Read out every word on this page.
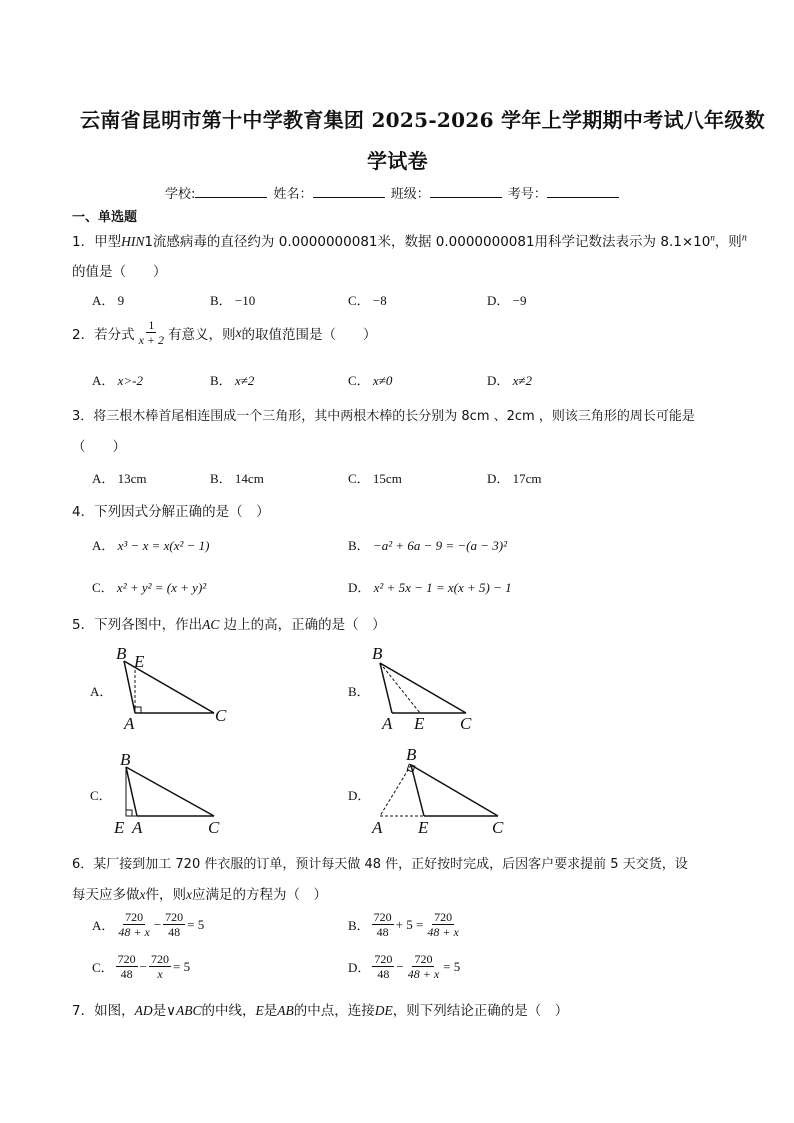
云南省昆明市第十中学教育集团 2025-2026 学年上学期期中考试八年级数
学试卷
学校:	姓名：	班级：	考号：
一、单选题
1．甲型HIN1流感病毒的直径约为 0.0000000081米，数据 0.0000000081用科学记数法表示为 $8.1\times 10^n$，则$^n$
的值是（　　）
A． 9	B． −10	C． −8	D． −9
2．若分式 $\frac{1}{x + 2}$ 有意义，则 x 的取值范围是（　　）
A． x>-2	B． x≠2	C． x≠0	D． x≠2
3．将三根木棒首尾相连围成一个三角形，其中两根木棒的长分别为 8cm 、2cm ，则该三角形的周长可能是
（　　）
A． 13cm	B． 14cm	C． 15cm	D． 17cm
4．下列因式分解正确的是（　）
A． x³ − x = x(x² − 1)	B． −a² + 6a − 9 = −(a − 3)²
C． x² + y² = (x + y)²	D． x² + 5x − 1 = x(x + 5) − 1
5．下列各图中，作出AC 边上的高，正确的是（　）
A．	B．
C．	D．
B E
A	C
B
A E C
B
E A	C
B
A E	C
6．某厂接到加工 720 件衣服的订单，预计每天做 48 件，正好按时完成，后因客户要求提前 5 天交货，设
每天应多做x件，则x应满足的方程为（　）
A． $\frac{720}{48 + x} - \frac{720}{48} = 5$	B． $\frac{720}{48} + 5 = \frac{720}{48 + x}$
C． $\frac{720}{48} - \frac{720}{x} = 5$	D． $\frac{720}{48} - \frac{720}{48 + x} = 5$
7．如图，AD是∨ABC的中线，E是AB的中点，连接DE，则下列结论正确的是（　）
